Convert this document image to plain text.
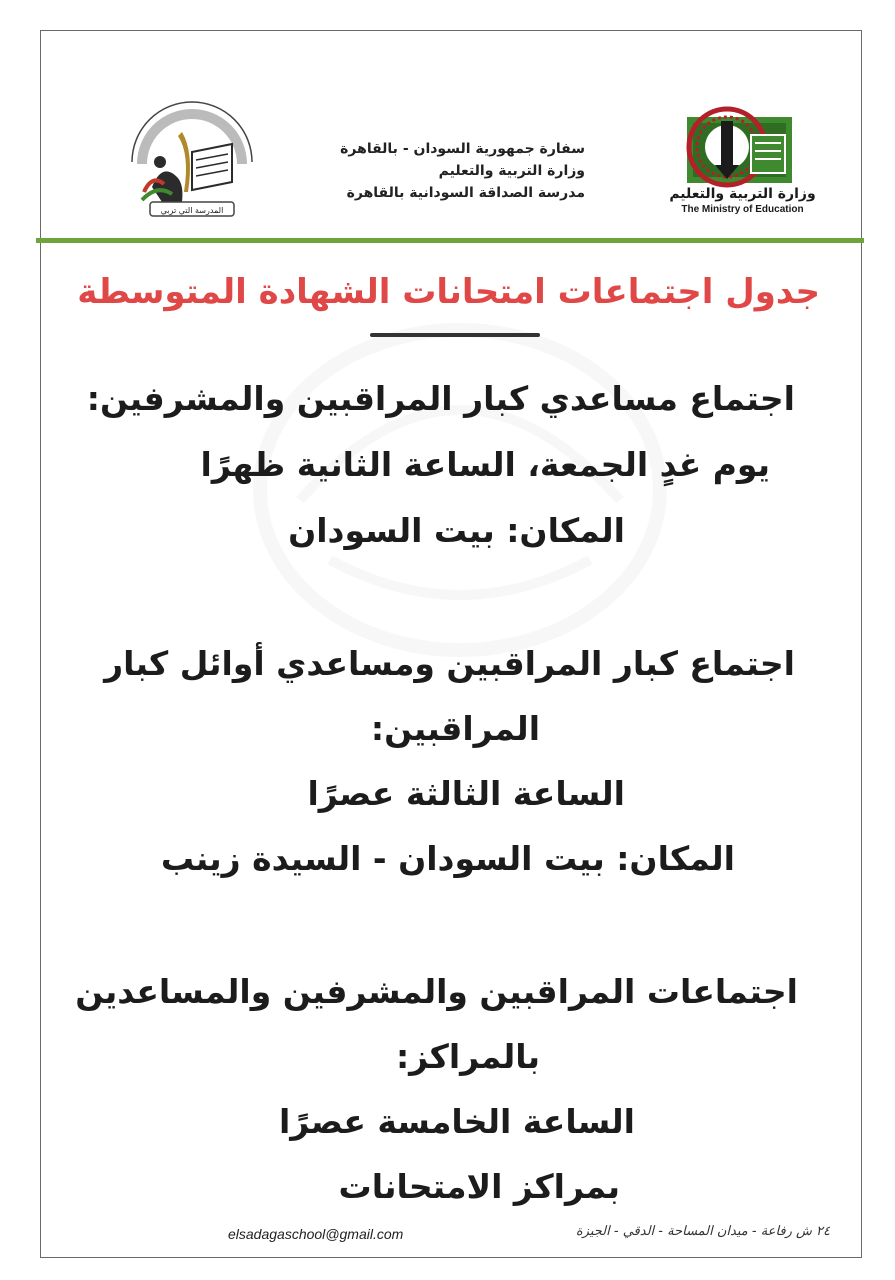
وزارة التربية والتعليم
The Ministry of Education
سفارة جمهورية السودان - بالقاهرة
وزارة التربية والتعليم
مدرسة الصداقة السودانية بالقاهرة
المدرسة التي تربي
جدول اجتماعات امتحانات الشهادة المتوسطة
اجتماع مساعدي كبار المراقبين والمشرفين:
يوم غدٍ الجمعة، الساعة الثانية ظهرًا
المكان: بيت السودان
اجتماع كبار المراقبين ومساعدي أوائل كبار
المراقبين:
الساعة الثالثة عصرًا
المكان: بيت السودان - السيدة زينب
اجتماعات المراقبين والمشرفين والمساعدين
بالمراكز:
الساعة الخامسة عصرًا
بمراكز الامتحانات
elsadagaschool@gmail.com	٢٤ ش رفاعة - ميدان المساحة - الدقي - الجيزة
